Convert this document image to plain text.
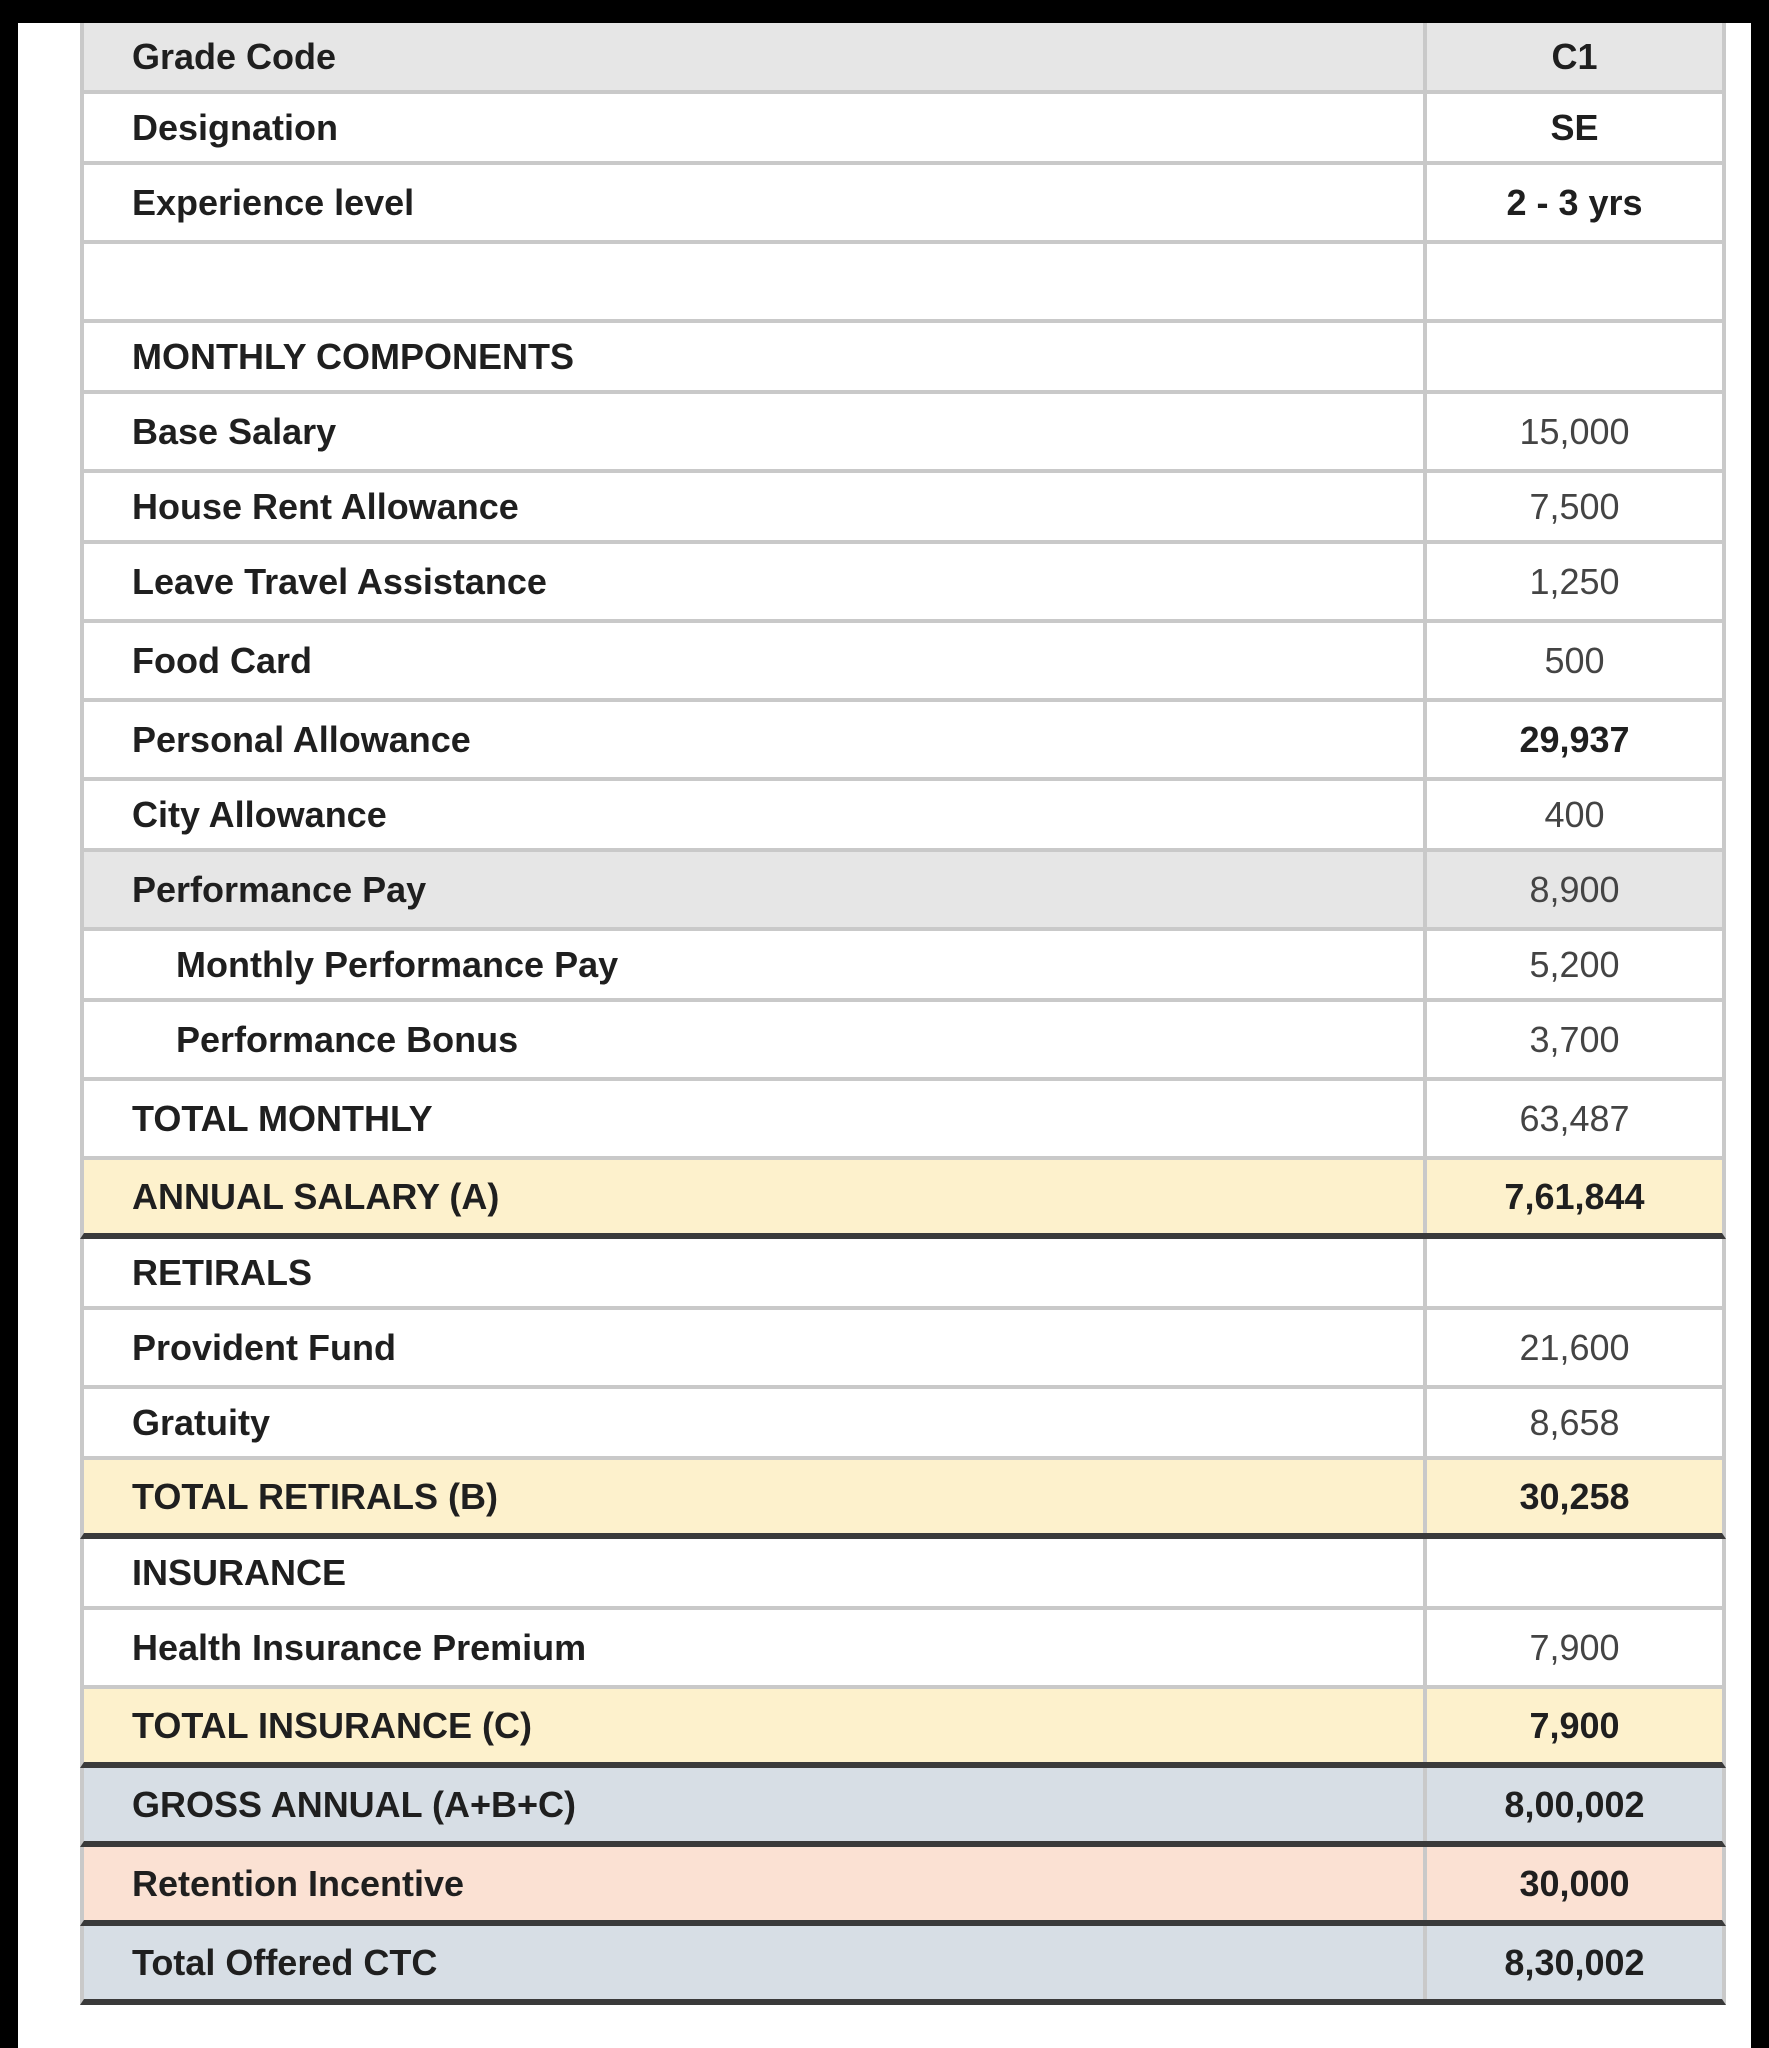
Grade Code	C1
Designation	SE
Experience level	2 - 3 yrs
MONTHLY COMPONENTS
Base Salary	15,000
House Rent Allowance	7,500
Leave Travel Assistance	1,250
Food Card	500
Personal Allowance	29,937
City Allowance	400
Performance Pay	8,900
Monthly Performance Pay	5,200
Performance Bonus	3,700
TOTAL MONTHLY	63,487
ANNUAL SALARY (A)	7,61,844
RETIRALS
Provident Fund	21,600
Gratuity	8,658
TOTAL RETIRALS (B)	30,258
INSURANCE
Health Insurance Premium	7,900
TOTAL INSURANCE (C)	7,900
GROSS ANNUAL (A+B+C)	8,00,002
Retention Incentive	30,000
Total Offered CTC	8,30,002
